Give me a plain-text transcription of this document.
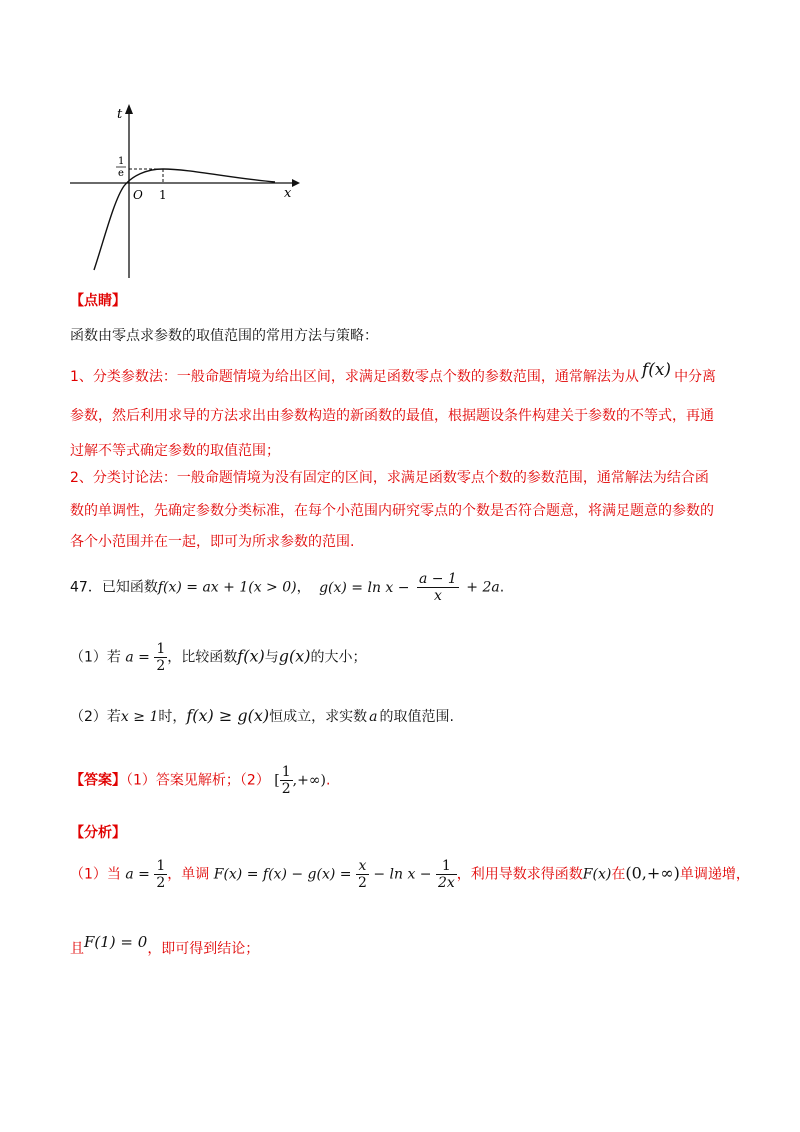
t
x
O 1
1
e
【点睛】
函数由零点求参数的取值范围的常用方法与策略：
1、分类参数法：一般命题情境为给出区间，求满足函数零点个数的参数范围，通常解法为从 f(x) 中分离
参数，然后利用求导的方法求出由参数构造的新函数的最值，根据题设条件构建关于参数的不等式，再通
过解不等式确定参数的取值范围；
2、分类讨论法：一般命题情境为没有固定的区间，求满足函数零点个数的参数范围，通常解法为结合函
数的单调性，先确定参数分类标准，在每个小范围内研究零点的个数是否符合题意，将满足题意的参数的
各个小范围并在一起，即可为所求参数的范围.
47．已知函数f(x) = ax + 1(x > 0)， $g(x) = \ln x - \frac{a - 1}{x} + 2a$.
（1）若 $a = \frac{1}{2}$ ，比较函数f(x)与g(x)的大小；
（2）若x ≥ 1时，f(x) ≥ g(x)恒成立，求实数 a 的取值范围.
【答案】（1）答案见解析；（2） [ $\frac{1}{2}$ ,+∞).
【分析】
（1）当 $a = \frac{1}{2}$ ，单调 $F(x) = f(x) - g(x) = \frac{x}{2} - \ln x - \frac{1}{2x}$ ，利用导数求得函数F(x)在(0,+∞)单调递增，
且F(1) = 0，即可得到结论；
